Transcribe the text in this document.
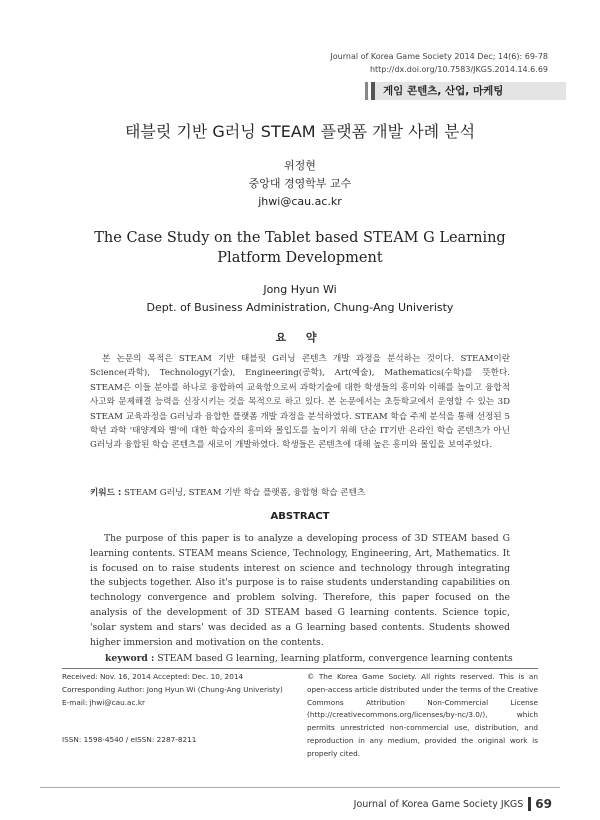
Journal of Korea Game Society 2014 Dec; 14(6): 69-78
http://dx.doi.org/10.7583/JKGS.2014.14.6.69
게임 콘텐츠, 산업, 마케팅
태블릿 기반 G러닝 STEAM 플랫폼 개발 사례 분석
위정현
중앙대 경영학부 교수
jhwi@cau.ac.kr
The Case Study on the Tablet based STEAM G Learning Platform Development
Jong Hyun Wi
Dept. of Business Administration, Chung-Ang Univeristy
요 약
본 논문의 목적은 STEAM 기반 태블릿 G러닝 콘텐츠 개발 과정을 분석하는 것이다. STEAM이란 Science(과학), Technology(기술), Engineering(공학), Art(예술), Mathematics(수학)를 뜻한다. STEAM은 이들 분야를 하나로 융합하여 교육함으로써 과학기술에 대한 학생들의 흥미와 이해를 높이고 융합적 사고와 문제해결 능력을 신장시키는 것을 목적으로 하고 있다. 본 논문에서는 초등학교에서 운영할 수 있는 3D STEAM 교육과정을 G러닝과 융합한 플랫폼 개발 과정을 분석하였다. STEAM 학습 주제 분석을 통해 선정된 5학년 과학 '태양계와 별'에 대한 학습자의 흥미와 몰입도를 높이기 위해 단순 IT기반 온라인 학습 콘텐츠가 아닌 G러닝과 융합된 학습 콘텐츠를 새로이 개발하였다. 학생들은 콘텐츠에 대해 높은 흥미와 몰입을 보여주었다.
키워드 : STEAM G러닝, STEAM 기반 학습 플랫폼, 융합형 학습 콘텐츠
ABSTRACT
The purpose of this paper is to analyze a developing process of 3D STEAM based G learning contents. STEAM means Science, Technology, Engineering, Art, Mathematics. It is focused on to raise students interest on science and technology through integrating the subjects together. Also it's purpose is to raise students understanding capabilities on technology convergence and problem solving. Therefore, this paper focused on the analysis of the development of 3D STEAM based G learning contents. Science topic, 'solar system and stars' was decided as a G learning based contents. Students showed higher immersion and motivation on the contents.
keyword : STEAM based G learning, learning platform, convergence learning contents
Received: Nov. 16, 2014 Accepted: Dec. 10, 2014
Corresponding Author: Jong Hyun Wi (Chung-Ang Univeristy)
E-mail: jhwi@cau.ac.kr
ISSN: 1598-4540 / eISSN: 2287-8211
© The Korea Game Society. All rights reserved. This is an open-access article distributed under the terms of the Creative Commons Attribution Non-Commercial License (http://creativecommons.org/licenses/by-nc/3.0/), which permits unrestricted non-commercial use, distribution, and reproduction in any medium, provided the original work is properly cited.
Journal of Korea Game Society JKGS 69
